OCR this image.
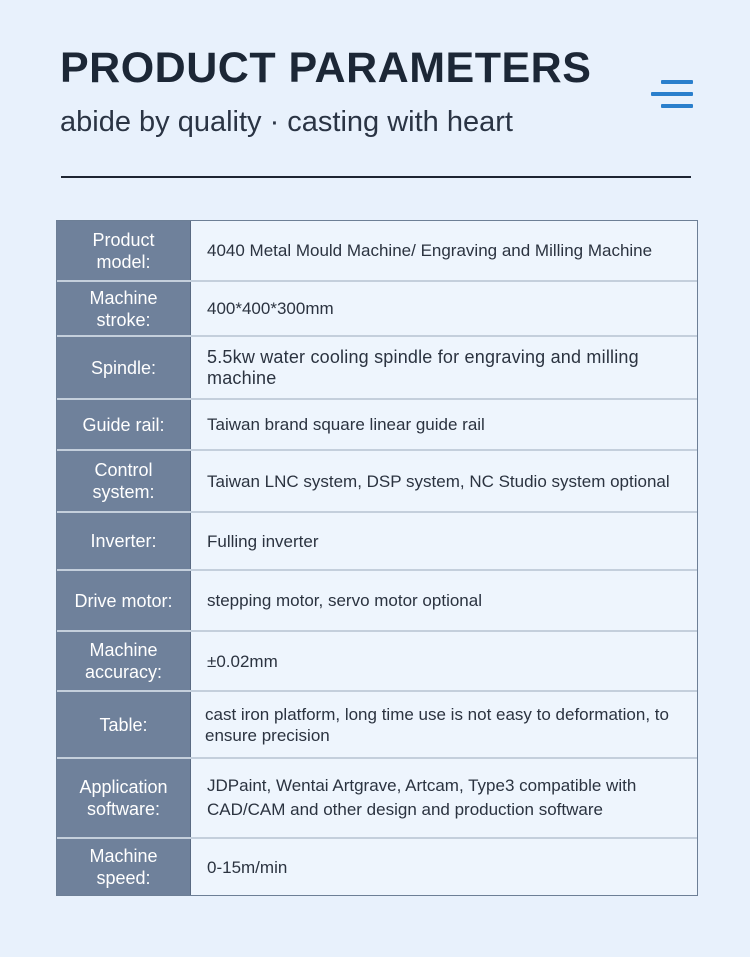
PRODUCT PARAMETERS
abide by quality · casting with heart
Product model:
4040 Metal Mould Machine/ Engraving and Milling Machine
Machine stroke:
400*400*300mm
Spindle:
5.5kw water cooling spindle for engraving and milling machine
Guide rail:	Taiwan brand square linear guide rail
Control system:
Taiwan LNC system, DSP system, NC Studio system optional
Inverter:	Fulling inverter
Drive motor:	stepping motor, servo motor optional
Machine accuracy:
±0.02mm
Table:
cast iron platform, long time use is not easy to deformation, to ensure precision
Application software:
JDPaint, Wentai Artgrave, Artcam, Type3 compatible with CAD/CAM and other design and production software
Machine speed:
0-15m/min
